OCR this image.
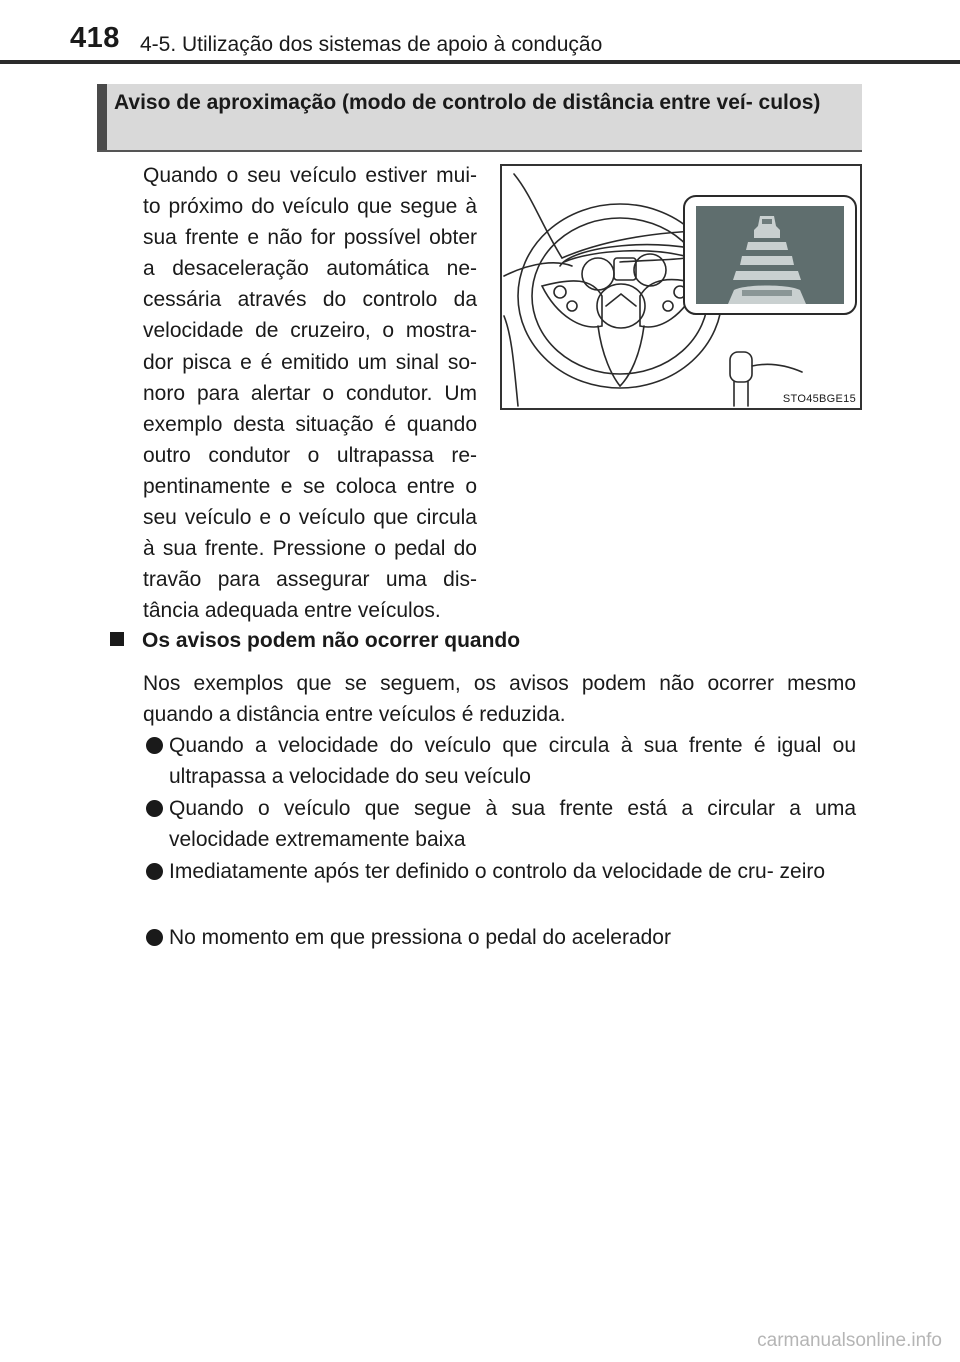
418 4-5. Utilização dos sistemas de apoio à condução
Aviso de aproximação (modo de controlo de distância entre veí- culos)

Quando o seu veículo estiver mui- to próximo do veículo que segue à sua frente e não for possível obter a desaceleração automática ne- cessária através do controlo da velocidade de cruzeiro, o mostra- dor pisca e é emitido um sinal so- noro para alertar o condutor. Um exemplo desta situação é quando outro condutor o ultrapassa re- pentinamente e se coloca entre o seu veículo e o veículo que circula à sua frente. Pressione o pedal do travão para assegurar uma dis- tância adequada entre veículos.

STO45BGE15
Os avisos podem não ocorrer quando

Nos exemplos que se seguem, os avisos podem não ocorrer mesmo quando a distância entre veículos é reduzida.

Quando a velocidade do veículo que circula à sua frente é igual ou ultrapassa a velocidade do seu veículo

Quando o veículo que segue à sua frente está a circular a uma velocidade extremamente baixa

Imediatamente após ter definido o controlo da velocidade de cru- zeiro

No momento em que pressiona o pedal do acelerador

carmanualsonline.info
